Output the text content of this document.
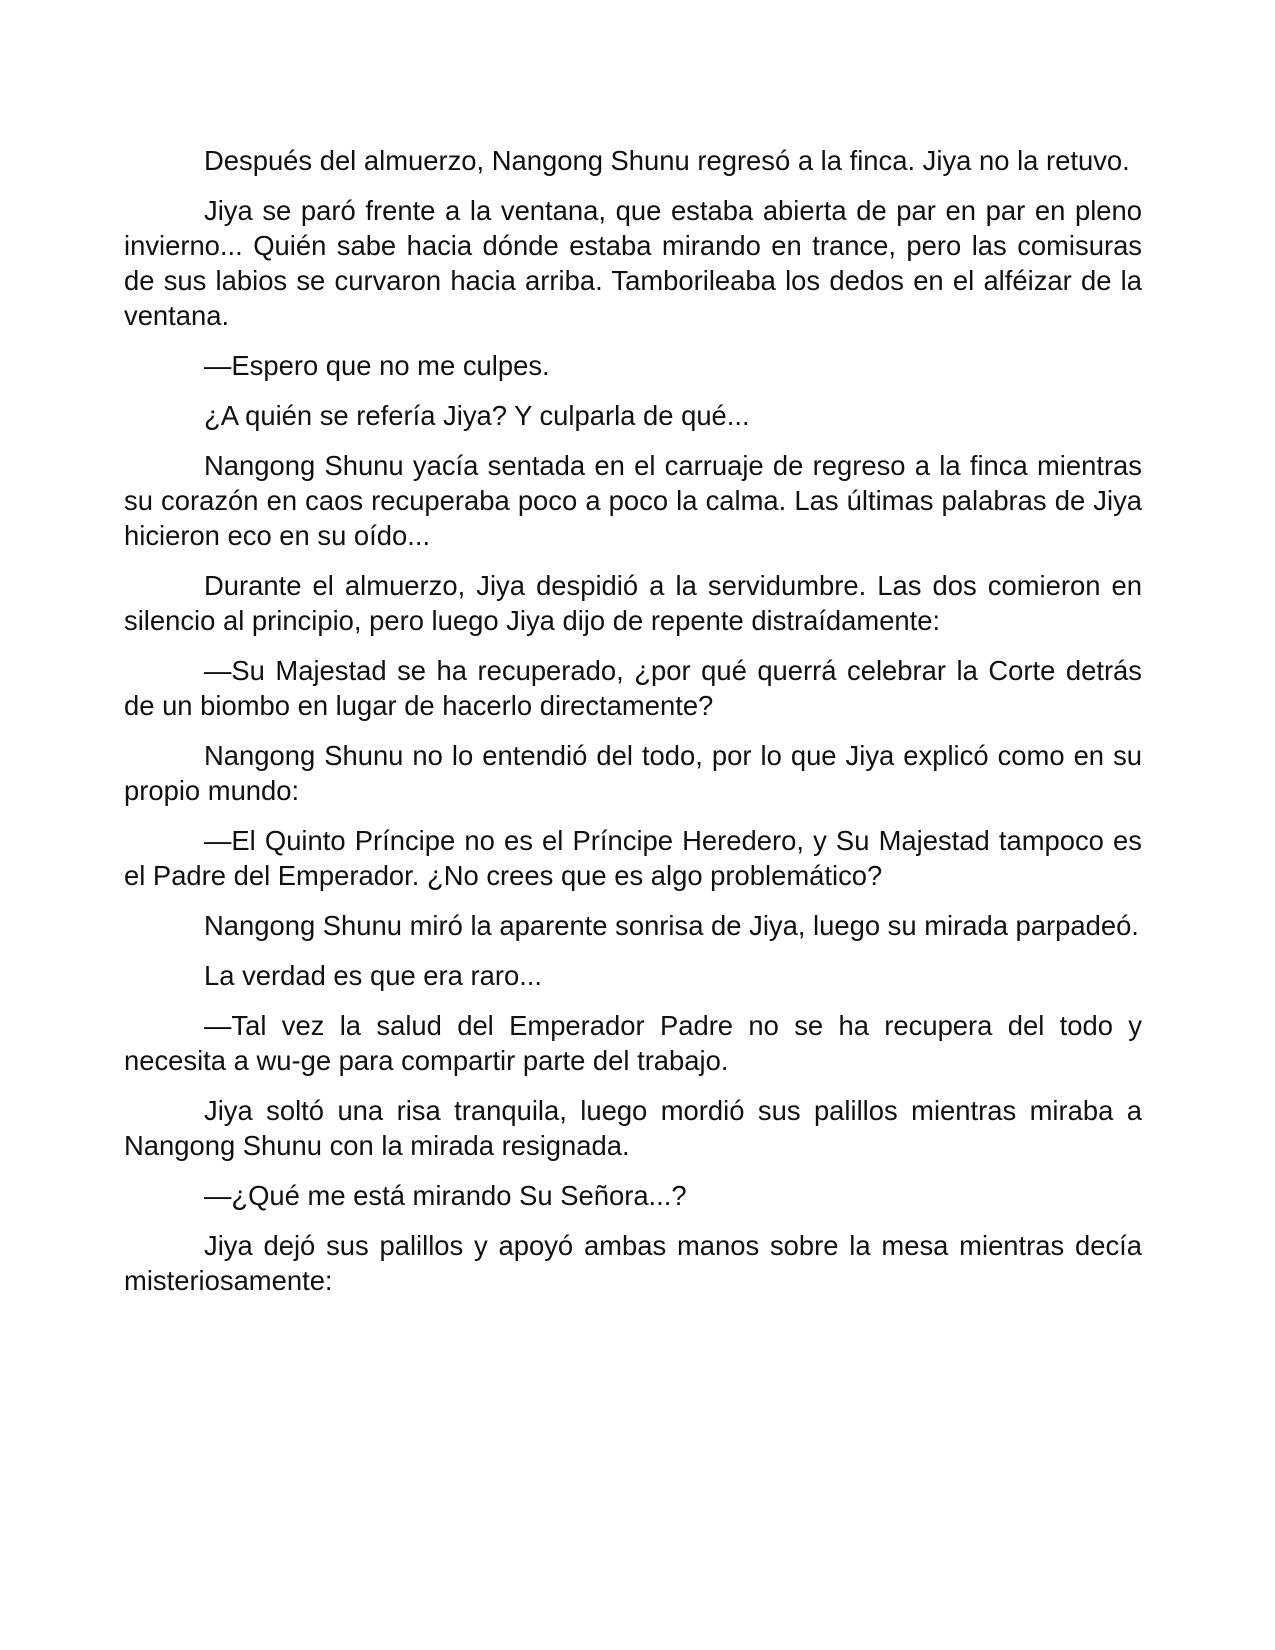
Después del almuerzo, Nangong Shunu regresó a la finca. Jiya no la retuvo.

Jiya se paró frente a la ventana, que estaba abierta de par en par en pleno invierno... Quién sabe hacia dónde estaba mirando en trance, pero las comisuras de sus labios se curvaron hacia arriba. Tamborileaba los dedos en el alféizar de la ventana.

—Espero que no me culpes.

¿A quién se refería Jiya? Y culparla de qué...

Nangong Shunu yacía sentada en el carruaje de regreso a la finca mientras su corazón en caos recuperaba poco a poco la calma. Las últimas palabras de Jiya hicieron eco en su oído...

Durante el almuerzo, Jiya despidió a la servidumbre. Las dos comieron en silencio al principio, pero luego Jiya dijo de repente distraídamente:

—Su Majestad se ha recuperado, ¿por qué querrá celebrar la Corte detrás de un biombo en lugar de hacerlo directamente?

Nangong Shunu no lo entendió del todo, por lo que Jiya explicó como en su propio mundo:

—El Quinto Príncipe no es el Príncipe Heredero, y Su Majestad tampoco es el Padre del Emperador. ¿No crees que es algo problemático?

Nangong Shunu miró la aparente sonrisa de Jiya, luego su mirada parpadeó.

La verdad es que era raro...

—Tal vez la salud del Emperador Padre no se ha recupera del todo y necesita a wu-ge para compartir parte del trabajo.

Jiya soltó una risa tranquila, luego mordió sus palillos mientras miraba a Nangong Shunu con la mirada resignada.

—¿Qué me está mirando Su Señora...?

Jiya dejó sus palillos y apoyó ambas manos sobre la mesa mientras decía misteriosamente:
